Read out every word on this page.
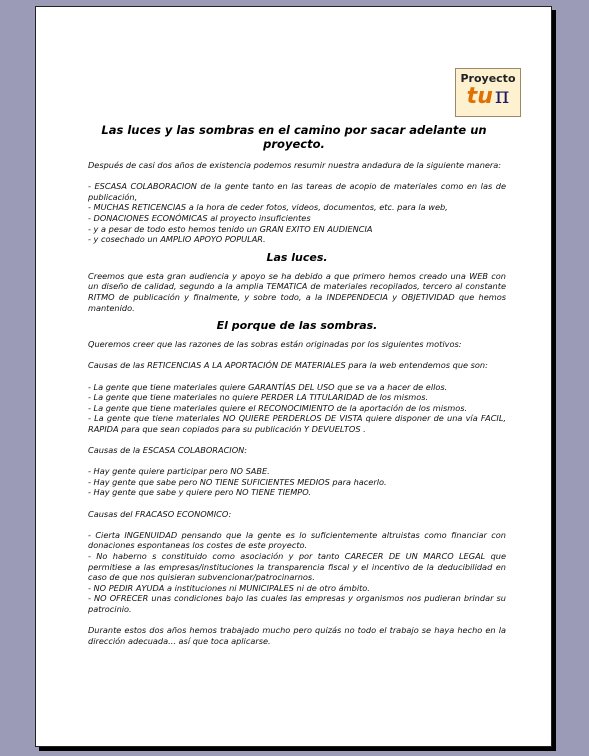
Proyecto
tuπ
Las luces y las sombras en el camino por sacar adelante un proyecto.

Después de casi dos años de existencia podemos resumir nuestra andadura de la siguiente manera:

- ESCASA COLABORACION de la gente tanto en las tareas de acopio de materiales como en las de publicación,

- MUCHAS RETICENCIAS a la hora de ceder fotos, videos, documentos, etc. para la web,

- DONACIONES ECONÓMICAS al proyecto insuficientes

- y a pesar de todo esto hemos tenido un GRAN EXITO EN AUDIENCIA

- y cosechado un AMPLIO APOYO POPULAR.

Las luces.

Creemos que esta gran audiencia y apoyo se ha debido a que primero hemos creado una WEB con un diseño de calidad, segundo a la amplia TEMATICA de materiales recopilados, tercero al constante RITMO de publicación y finalmente, y sobre todo, a la INDEPENDECIA y OBJETIVIDAD que hemos mantenido.

El porque de las sombras.

Queremos creer que las razones de las sobras están originadas por los siguientes motivos:

Causas de las RETICENCIAS A LA APORTACIÓN DE MATERIALES para la web entendemos que son:

- La gente que tiene materiales quiere GARANTÍAS DEL USO que se va a hacer de ellos.

- La gente que tiene materiales no quiere PERDER LA TITULARIDAD de los mismos.

- La gente que tiene materiales quiere el RECONOCIMIENTO de la aportación de los mismos.

- La gente que tiene materiales NO QUIERE PERDERLOS DE VISTA quiere disponer de una vía FACIL, RAPIDA para que sean copiados para su publicación Y DEVUELTOS .

Causas de la ESCASA COLABORACION:

- Hay gente quiere participar pero NO SABE.

- Hay gente que sabe pero NO TIENE SUFICIENTES MEDIOS para hacerlo.

- Hay gente que sabe y quiere pero NO TIENE TIEMPO.

Causas del FRACASO ECONOMICO:

- Cierta INGENUIDAD pensando que la gente es lo suficientemente altruistas como financiar con donaciones espontaneas los costes de este proyecto.

- No haberno s constituido como asociación y por tanto CARECER DE UN MARCO LEGAL que permitiese a las empresas/instituciones la transparencia fiscal y el incentivo de la deducibilidad en caso de que nos quisieran subvencionar/patrocinarnos.

- NO PEDIR AYUDA a instituciones ni MUNICIPALES ni de otro ámbito.

- NO OFRECER unas condiciones bajo las cuales las empresas y organismos nos pudieran brindar su patrocinio.

Durante estos dos años hemos trabajado mucho pero quizás no todo el trabajo se haya hecho en la dirección adecuada... así que toca aplicarse.
